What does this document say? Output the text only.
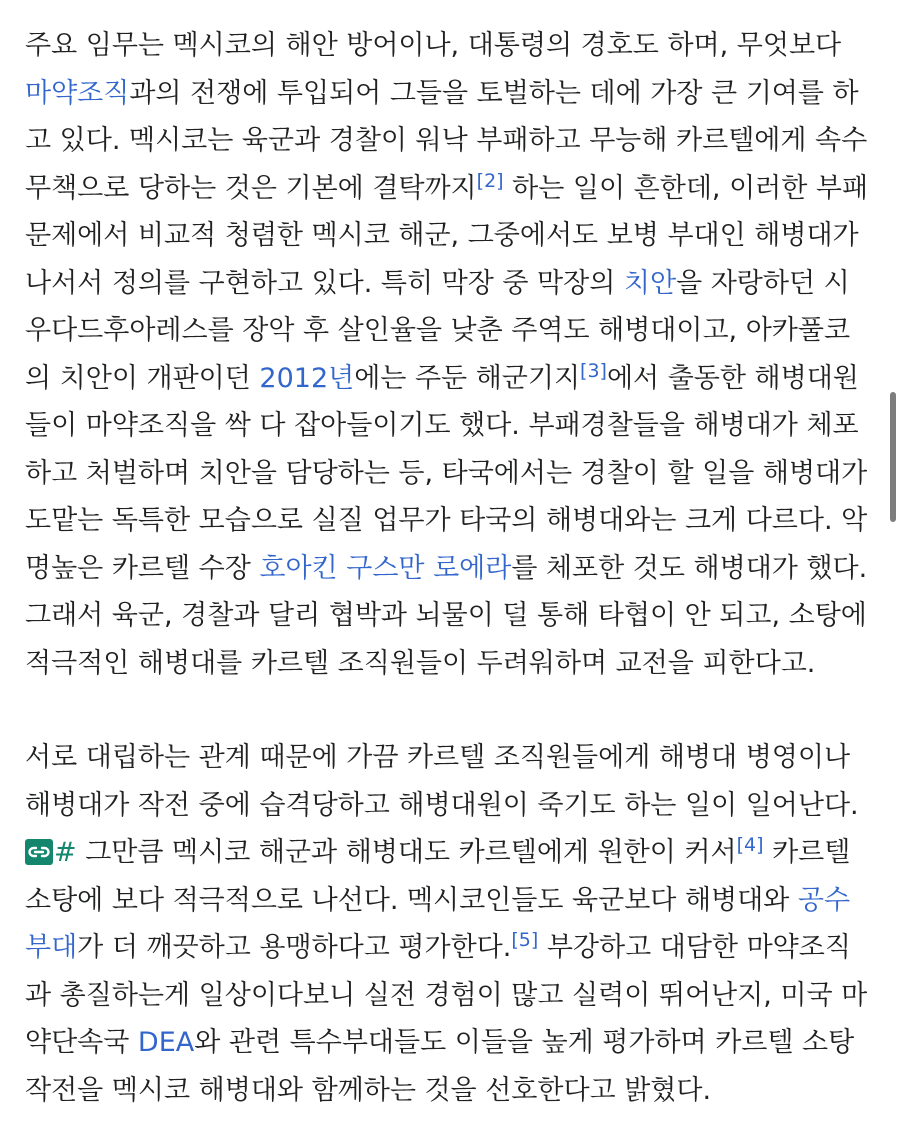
주요 임무는 멕시코의 해안 방어이나, 대통령의 경호도 하며, 무엇보다
마약조직과의 전쟁에 투입되어 그들을 토벌하는 데에 가장 큰 기여를 하
고 있다. 멕시코는 육군과 경찰이 워낙 부패하고 무능해 카르텔에게 속수
무책으로 당하는 것은 기본에 결탁까지[2] 하는 일이 흔한데, 이러한 부패
문제에서 비교적 청렴한 멕시코 해군, 그중에서도 보병 부대인 해병대가
나서서 정의를 구현하고 있다. 특히 막장 중 막장의 치안을 자랑하던 시
우다드후아레스를 장악 후 살인율을 낮춘 주역도 해병대이고, 아카풀코
의 치안이 개판이던 2012년에는 주둔 해군기지[3]에서 출동한 해병대원
들이 마약조직을 싹 다 잡아들이기도 했다. 부패경찰들을 해병대가 체포
하고 처벌하며 치안을 담당하는 등, 타국에서는 경찰이 할 일을 해병대가
도맡는 독특한 모습으로 실질 업무가 타국의 해병대와는 크게 다르다. 악
명높은 카르텔 수장 호아킨 구스만 로에라를 체포한 것도 해병대가 했다.
그래서 육군, 경찰과 달리 협박과 뇌물이 덜 통해 타협이 안 되고, 소탕에
적극적인 해병대를 카르텔 조직원들이 두려워하며 교전을 피한다고.

서로 대립하는 관계 때문에 가끔 카르텔 조직원들에게 해병대 병영이나
해병대가 작전 중에 습격당하고 해병대원이 죽기도 하는 일이 일어난다.
# 그만큼 멕시코 해군과 해병대도 카르텔에게 원한이 커서[4] 카르텔
소탕에 보다 적극적으로 나선다. 멕시코인들도 육군보다 해병대와 공수
부대가 더 깨끗하고 용맹하다고 평가한다.[5] 부강하고 대담한 마약조직
과 총질하는게 일상이다보니 실전 경험이 많고 실력이 뛰어난지, 미국 마
약단속국 DEA와 관련 특수부대들도 이들을 높게 평가하며 카르텔 소탕
작전을 멕시코 해병대와 함께하는 것을 선호한다고 밝혔다.
